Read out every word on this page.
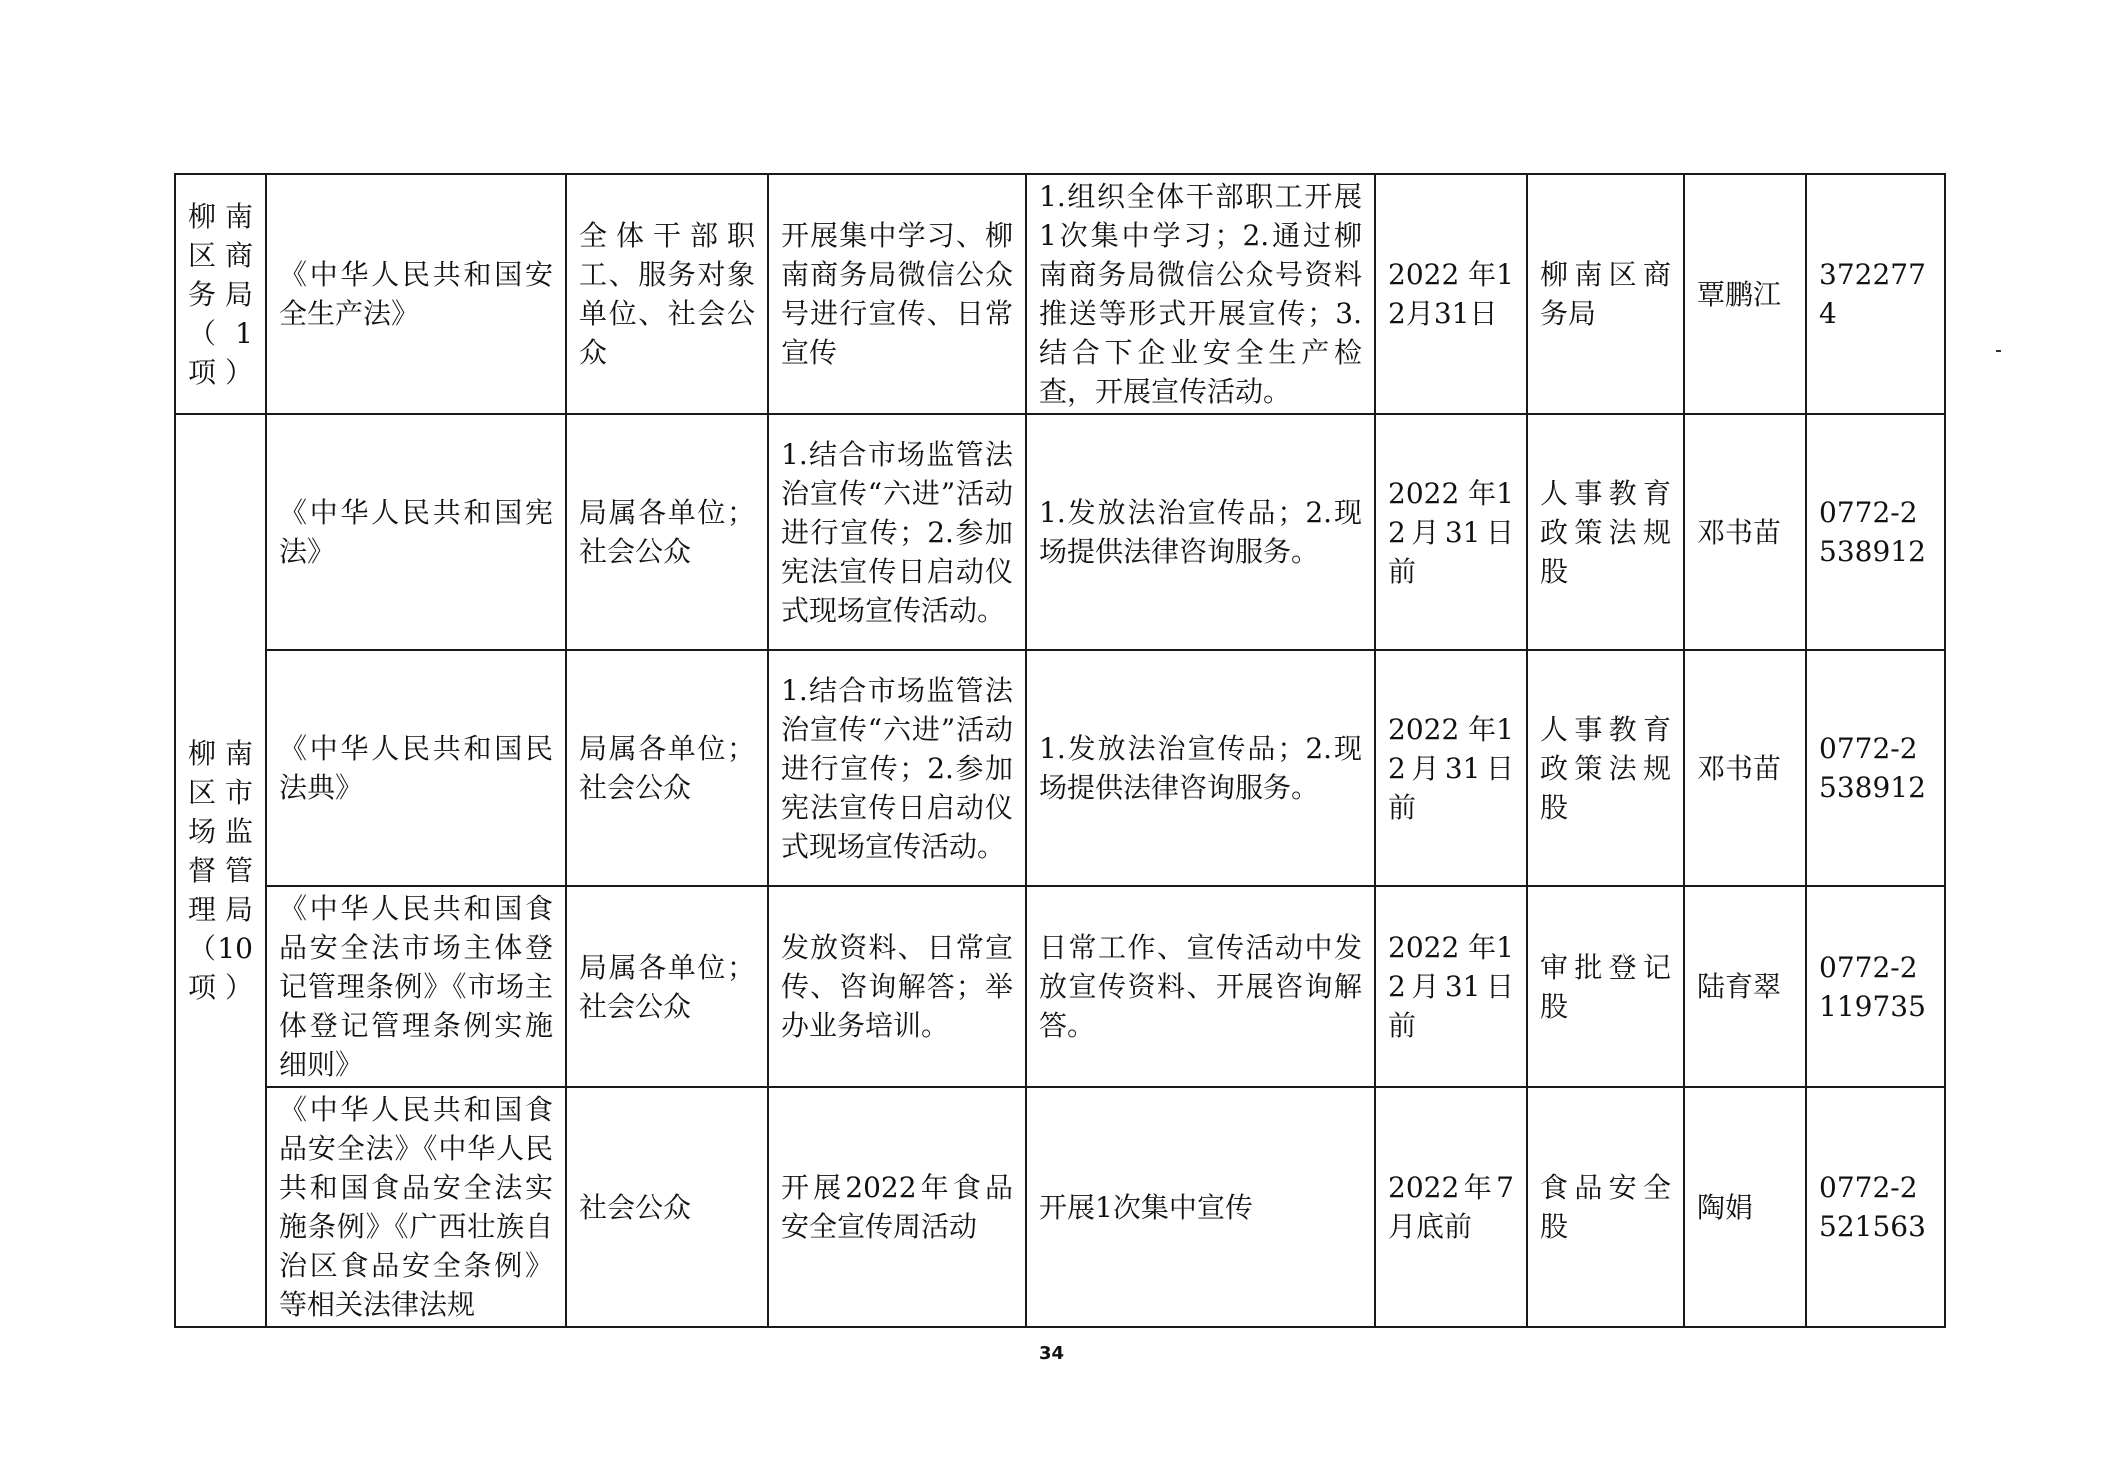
柳南区商务局（1项）	《中华人民共和国安全生产法》	全体干部职工、服务对象单位、社会公众	开展集中学习、柳南商务局微信公众号进行宣传、日常宣传	1.组织全体干部职工开展1次集中学习；2.通过柳南商务局微信公众号资料推送等形式开展宣传；3.结合下企业安全生产检查，开展宣传活动。	2022 年12月31日	柳南区商务局	覃鹏江	3722774
柳南区市场监督管理局（10项）	《中华人民共和国宪法》	局属各单位；社会公众	1.结合市场监管法治宣传“六进”活动进行宣传；2.参加宪法宣传日启动仪式现场宣传活动。	1.发放法治宣传品；2.现场提供法律咨询服务。	2022 年12月31日前	人事教育政策法规股	邓书苗	0772-2538912
	《中华人民共和国民法典》	局属各单位；社会公众	1.结合市场监管法治宣传“六进”活动进行宣传；2.参加宪法宣传日启动仪式现场宣传活动。	1.发放法治宣传品；2.现场提供法律咨询服务。	2022 年12月31日前	人事教育政策法规股	邓书苗	0772-2538912
	《中华人民共和国食品安全法市场主体登记管理条例》《市场主体登记管理条例实施细则》	局属各单位；社会公众	发放资料、日常宣传、咨询解答；举办业务培训。	日常工作、宣传活动中发放宣传资料、开展咨询解答。	2022 年12月31日前	审批登记股	陆育翠	0772-2119735
	《中华人民共和国食品安全法》《中华人民共和国食品安全法实施条例》《广西壮族自治区食品安全条例》等相关法律法规	社会公众	开展2022年食品安全宣传周活动	开展1次集中宣传	2022年7月底前	食品安全股	陶娟	0772-2521563
34
